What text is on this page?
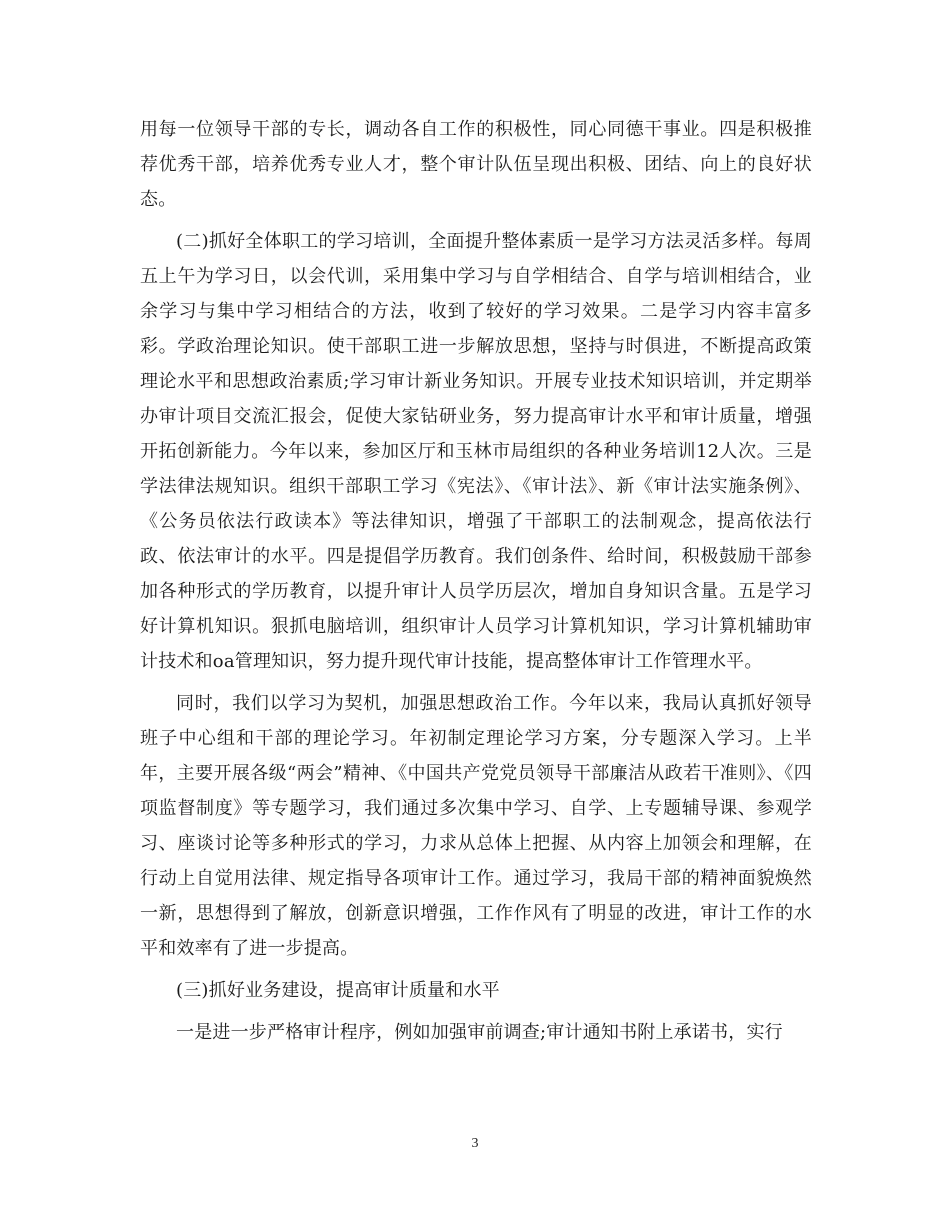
用每一位领导干部的专长，调动各自工作的积极性，同心同德干事业。四是积极推荐优秀干部，培养优秀专业人才，整个审计队伍呈现出积极、团结、向上的良好状态。

(二)抓好全体职工的学习培训，全面提升整体素质一是学习方法灵活多样。每周五上午为学习日，以会代训，采用集中学习与自学相结合、自学与培训相结合，业余学习与集中学习相结合的方法，收到了较好的学习效果。二是学习内容丰富多彩。学政治理论知识。使干部职工进一步解放思想，坚持与时俱进，不断提高政策理论水平和思想政治素质;学习审计新业务知识。开展专业技术知识培训，并定期举办审计项目交流汇报会，促使大家钻研业务，努力提高审计水平和审计质量，增强开拓创新能力。今年以来，参加区厅和玉林市局组织的各种业务培训12人次。三是学法律法规知识。组织干部职工学习《宪法》、《审计法》、新《审计法实施条例》、《公务员依法行政读本》等法律知识，增强了干部职工的法制观念，提高依法行政、依法审计的水平。四是提倡学历教育。我们创条件、给时间，积极鼓励干部参加各种形式的学历教育，以提升审计人员学历层次，增加自身知识含量。五是学习好计算机知识。狠抓电脑培训，组织审计人员学习计算机知识，学习计算机辅助审计技术和oa管理知识，努力提升现代审计技能，提高整体审计工作管理水平。

同时，我们以学习为契机，加强思想政治工作。今年以来，我局认真抓好领导班子中心组和干部的理论学习。年初制定理论学习方案，分专题深入学习。上半年，主要开展各级“两会”精神、《中国共产党党员领导干部廉洁从政若干准则》、《四项监督制度》等专题学习，我们通过多次集中学习、自学、上专题辅导课、参观学习、座谈讨论等多种形式的学习，力求从总体上把握、从内容上加领会和理解，在行动上自觉用法律、规定指导各项审计工作。通过学习，我局干部的精神面貌焕然一新，思想得到了解放，创新意识增强，工作作风有了明显的改进，审计工作的水平和效率有了进一步提高。

(三)抓好业务建设，提高审计质量和水平

一是进一步严格审计程序，例如加强审前调查;审计通知书附上承诺书，实行

3
